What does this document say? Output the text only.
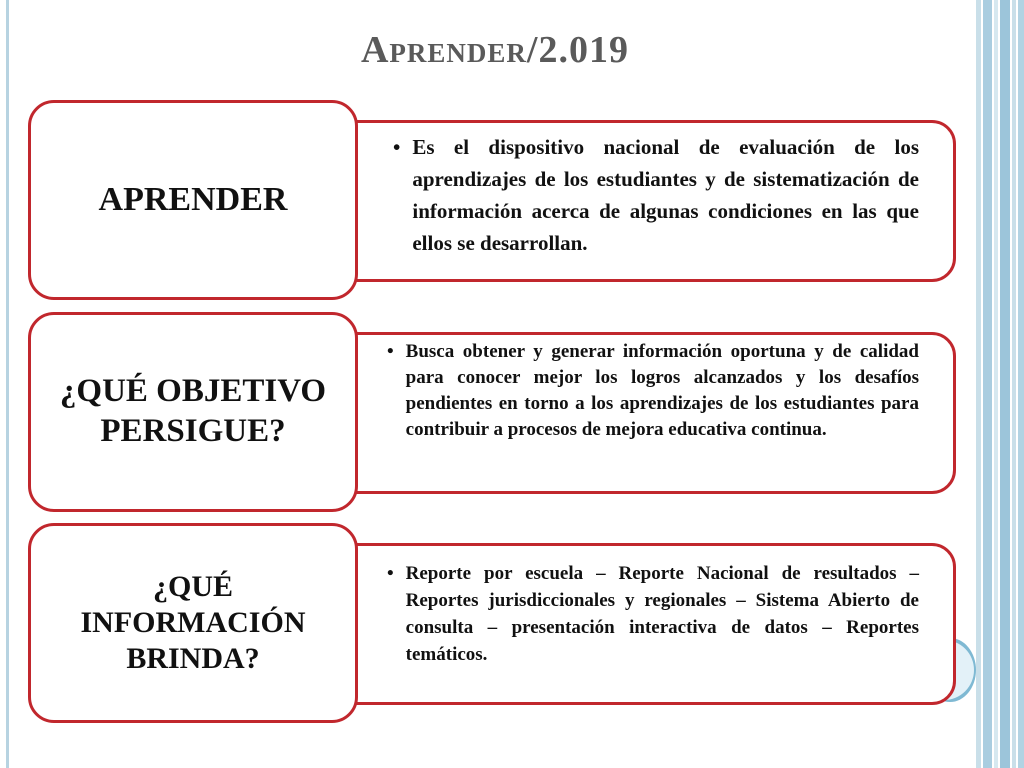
Aprender/2.019
APRENDER
• Es el dispositivo nacional de evaluación de los aprendizajes de los estudiantes y de sistematización de información acerca de algunas condiciones en las que ellos se desarrollan.
¿QUÉ OBJETIVO PERSIGUE?
• Busca obtener y generar información oportuna y de calidad para conocer mejor los logros alcanzados y los desafíos pendientes en torno a los aprendizajes de los estudiantes para contribuir a procesos de mejora educativa continua.
¿QUÉ INFORMACIÓN BRINDA?
• Reporte por escuela – Reporte Nacional de resultados – Reportes jurisdiccionales y regionales – Sistema Abierto de consulta – presentación interactiva de datos – Reportes temáticos.
